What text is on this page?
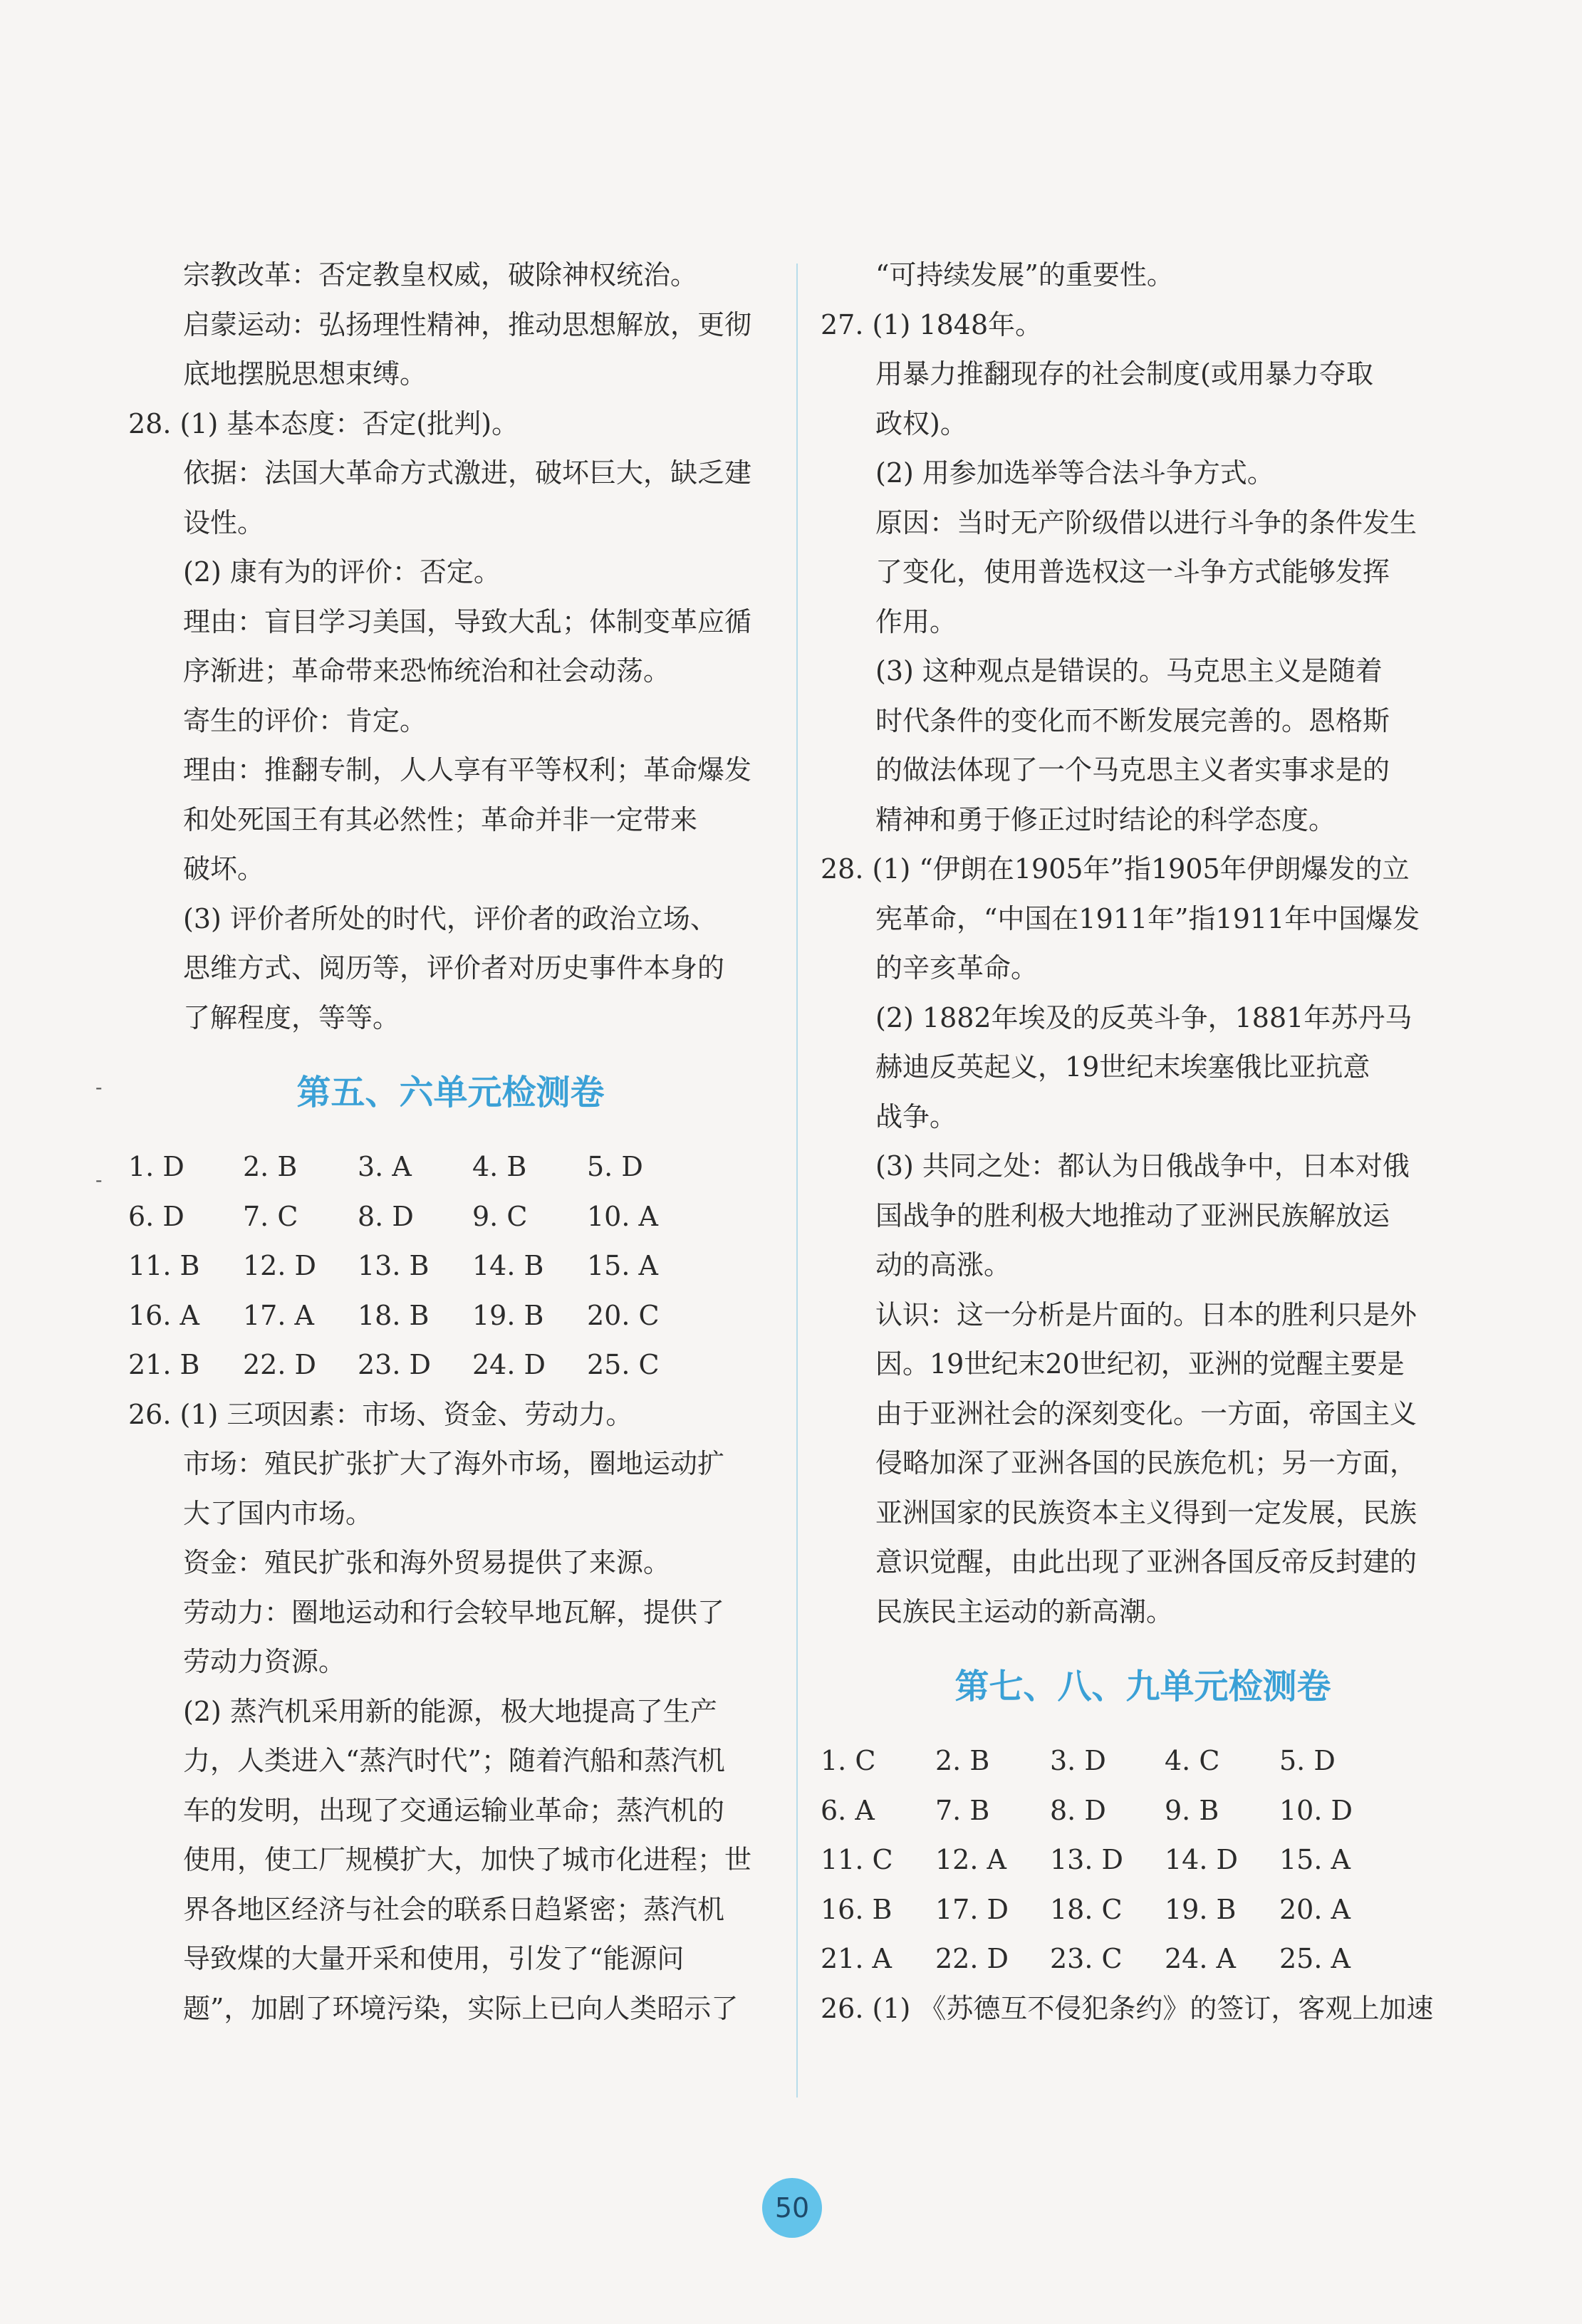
宗教改革：否定教皇权威，破除神权统治。
启蒙运动：弘扬理性精神，推动思想解放，更彻
底地摆脱思想束缚。
28. (1) 基本态度：否定(批判)。
依据：法国大革命方式激进，破坏巨大，缺乏建
设性。
(2) 康有为的评价：否定。
理由：盲目学习美国，导致大乱；体制变革应循
序渐进；革命带来恐怖统治和社会动荡。
寄生的评价：肯定。
理由：推翻专制，人人享有平等权利；革命爆发
和处死国王有其必然性；革命并非一定带来
破坏。
(3) 评价者所处的时代，评价者的政治立场、
思维方式、阅历等，评价者对历史事件本身的
了解程度，等等。
第五、六单元检测卷
1. D	2. B	3. A	4. B	5. D
6. D	7. C	8. D	9. C	10. A
11. B	12. D	13. B	14. B	15. A
16. A	17. A	18. B	19. B	20. C
21. B	22. D	23. D	24. D	25. C
26. (1) 三项因素：市场、资金、劳动力。
市场：殖民扩张扩大了海外市场，圈地运动扩
大了国内市场。
资金：殖民扩张和海外贸易提供了来源。
劳动力：圈地运动和行会较早地瓦解，提供了
劳动力资源。
(2) 蒸汽机采用新的能源，极大地提高了生产
力，人类进入“蒸汽时代”；随着汽船和蒸汽机
车的发明，出现了交通运输业革命；蒸汽机的
使用，使工厂规模扩大，加快了城市化进程；世
界各地区经济与社会的联系日趋紧密；蒸汽机
导致煤的大量开采和使用，引发了“能源问
题”，加剧了环境污染，实际上已向人类昭示了
“可持续发展”的重要性。
27. (1) 1848年。
用暴力推翻现存的社会制度(或用暴力夺取
政权)。
(2) 用参加选举等合法斗争方式。
原因：当时无产阶级借以进行斗争的条件发生
了变化，使用普选权这一斗争方式能够发挥
作用。
(3) 这种观点是错误的。马克思主义是随着
时代条件的变化而不断发展完善的。恩格斯
的做法体现了一个马克思主义者实事求是的
精神和勇于修正过时结论的科学态度。
28. (1) “伊朗在1905年”指1905年伊朗爆发的立
宪革命，“中国在1911年”指1911年中国爆发
的辛亥革命。
(2) 1882年埃及的反英斗争，1881年苏丹马
赫迪反英起义，19世纪末埃塞俄比亚抗意
战争。
(3) 共同之处：都认为日俄战争中，日本对俄
国战争的胜利极大地推动了亚洲民族解放运
动的高涨。
认识：这一分析是片面的。日本的胜利只是外
因。19世纪末20世纪初，亚洲的觉醒主要是
由于亚洲社会的深刻变化。一方面，帝国主义
侵略加深了亚洲各国的民族危机；另一方面，
亚洲国家的民族资本主义得到一定发展，民族
意识觉醒，由此出现了亚洲各国反帝反封建的
民族民主运动的新高潮。
第七、八、九单元检测卷
1. C	2. B	3. D	4. C	5. D
6. A	7. B	8. D	9. B	10. D
11. C	12. A	13. D	14. D	15. A
16. B	17. D	18. C	19. B	20. A
21. A	22. D	23. C	24. A	25. A
26. (1) 《苏德互不侵犯条约》的签订，客观上加速
-
-
50
